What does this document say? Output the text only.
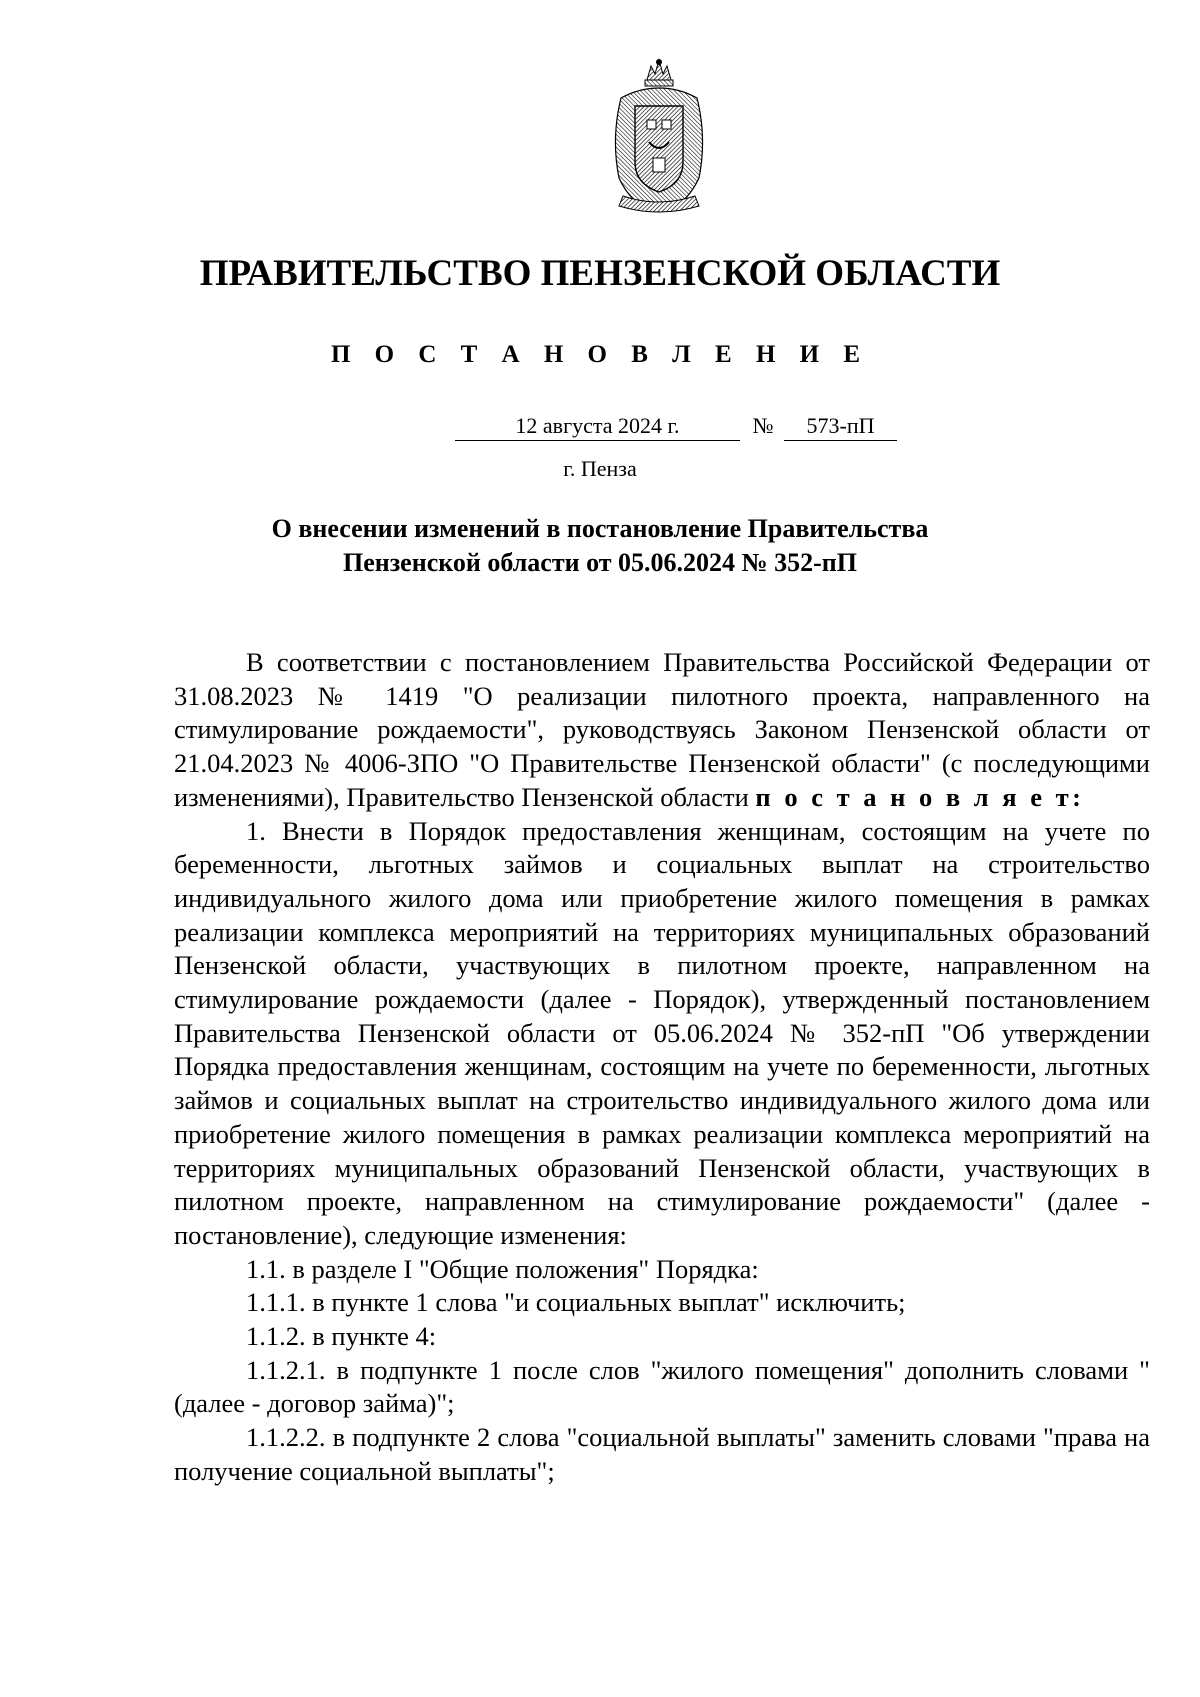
ПРАВИТЕЛЬСТВО ПЕНЗЕНСКОЙ ОБЛАСТИ
П О С Т А Н О В Л Е Н И Е
12 августа 2024 г.	№	573-пП
г. Пенза
О внесении изменений в постановление Правительства
Пензенской области от 05.06.2024 № 352-пП

В соответствии с постановлением Правительства Российской Федерации от 31.08.2023 № 1419 "О реализации пилотного проекта, направленного на стимулирование рождаемости", руководствуясь Законом Пензенской области от 21.04.2023 № 4006-ЗПО "О Правительстве Пензенской области" (с последующими изменениями), Правительство Пензенской области п о с т а н о в л я е т:

1. Внести в Порядок предоставления женщинам, состоящим на учете по беременности, льготных займов и социальных выплат на строительство индивидуального жилого дома или приобретение жилого помещения в рамках реализации комплекса мероприятий на территориях муниципальных образований Пензенской области, участвующих в пилотном проекте, направленном на стимулирование рождаемости (далее - Порядок), утвержденный постановлением Правительства Пензенской области от 05.06.2024 № 352-пП "Об утверждении Порядка предоставления женщинам, состоящим на учете по беременности, льготных займов и социальных выплат на строительство индивидуального жилого дома или приобретение жилого помещения в рамках реализации комплекса мероприятий на территориях муниципальных образований Пензенской области, участвующих в пилотном проекте, направленном на стимулирование рождаемости" (далее - постановление), следующие изменения:

1.1. в разделе I "Общие положения" Порядка:

1.1.1. в пункте 1 слова "и социальных выплат" исключить;

1.1.2. в пункте 4:

1.1.2.1. в подпункте 1 после слов "жилого помещения" дополнить словами "(далее - договор займа)";

1.1.2.2. в подпункте 2 слова "социальной выплаты" заменить словами "права на получение социальной выплаты";
